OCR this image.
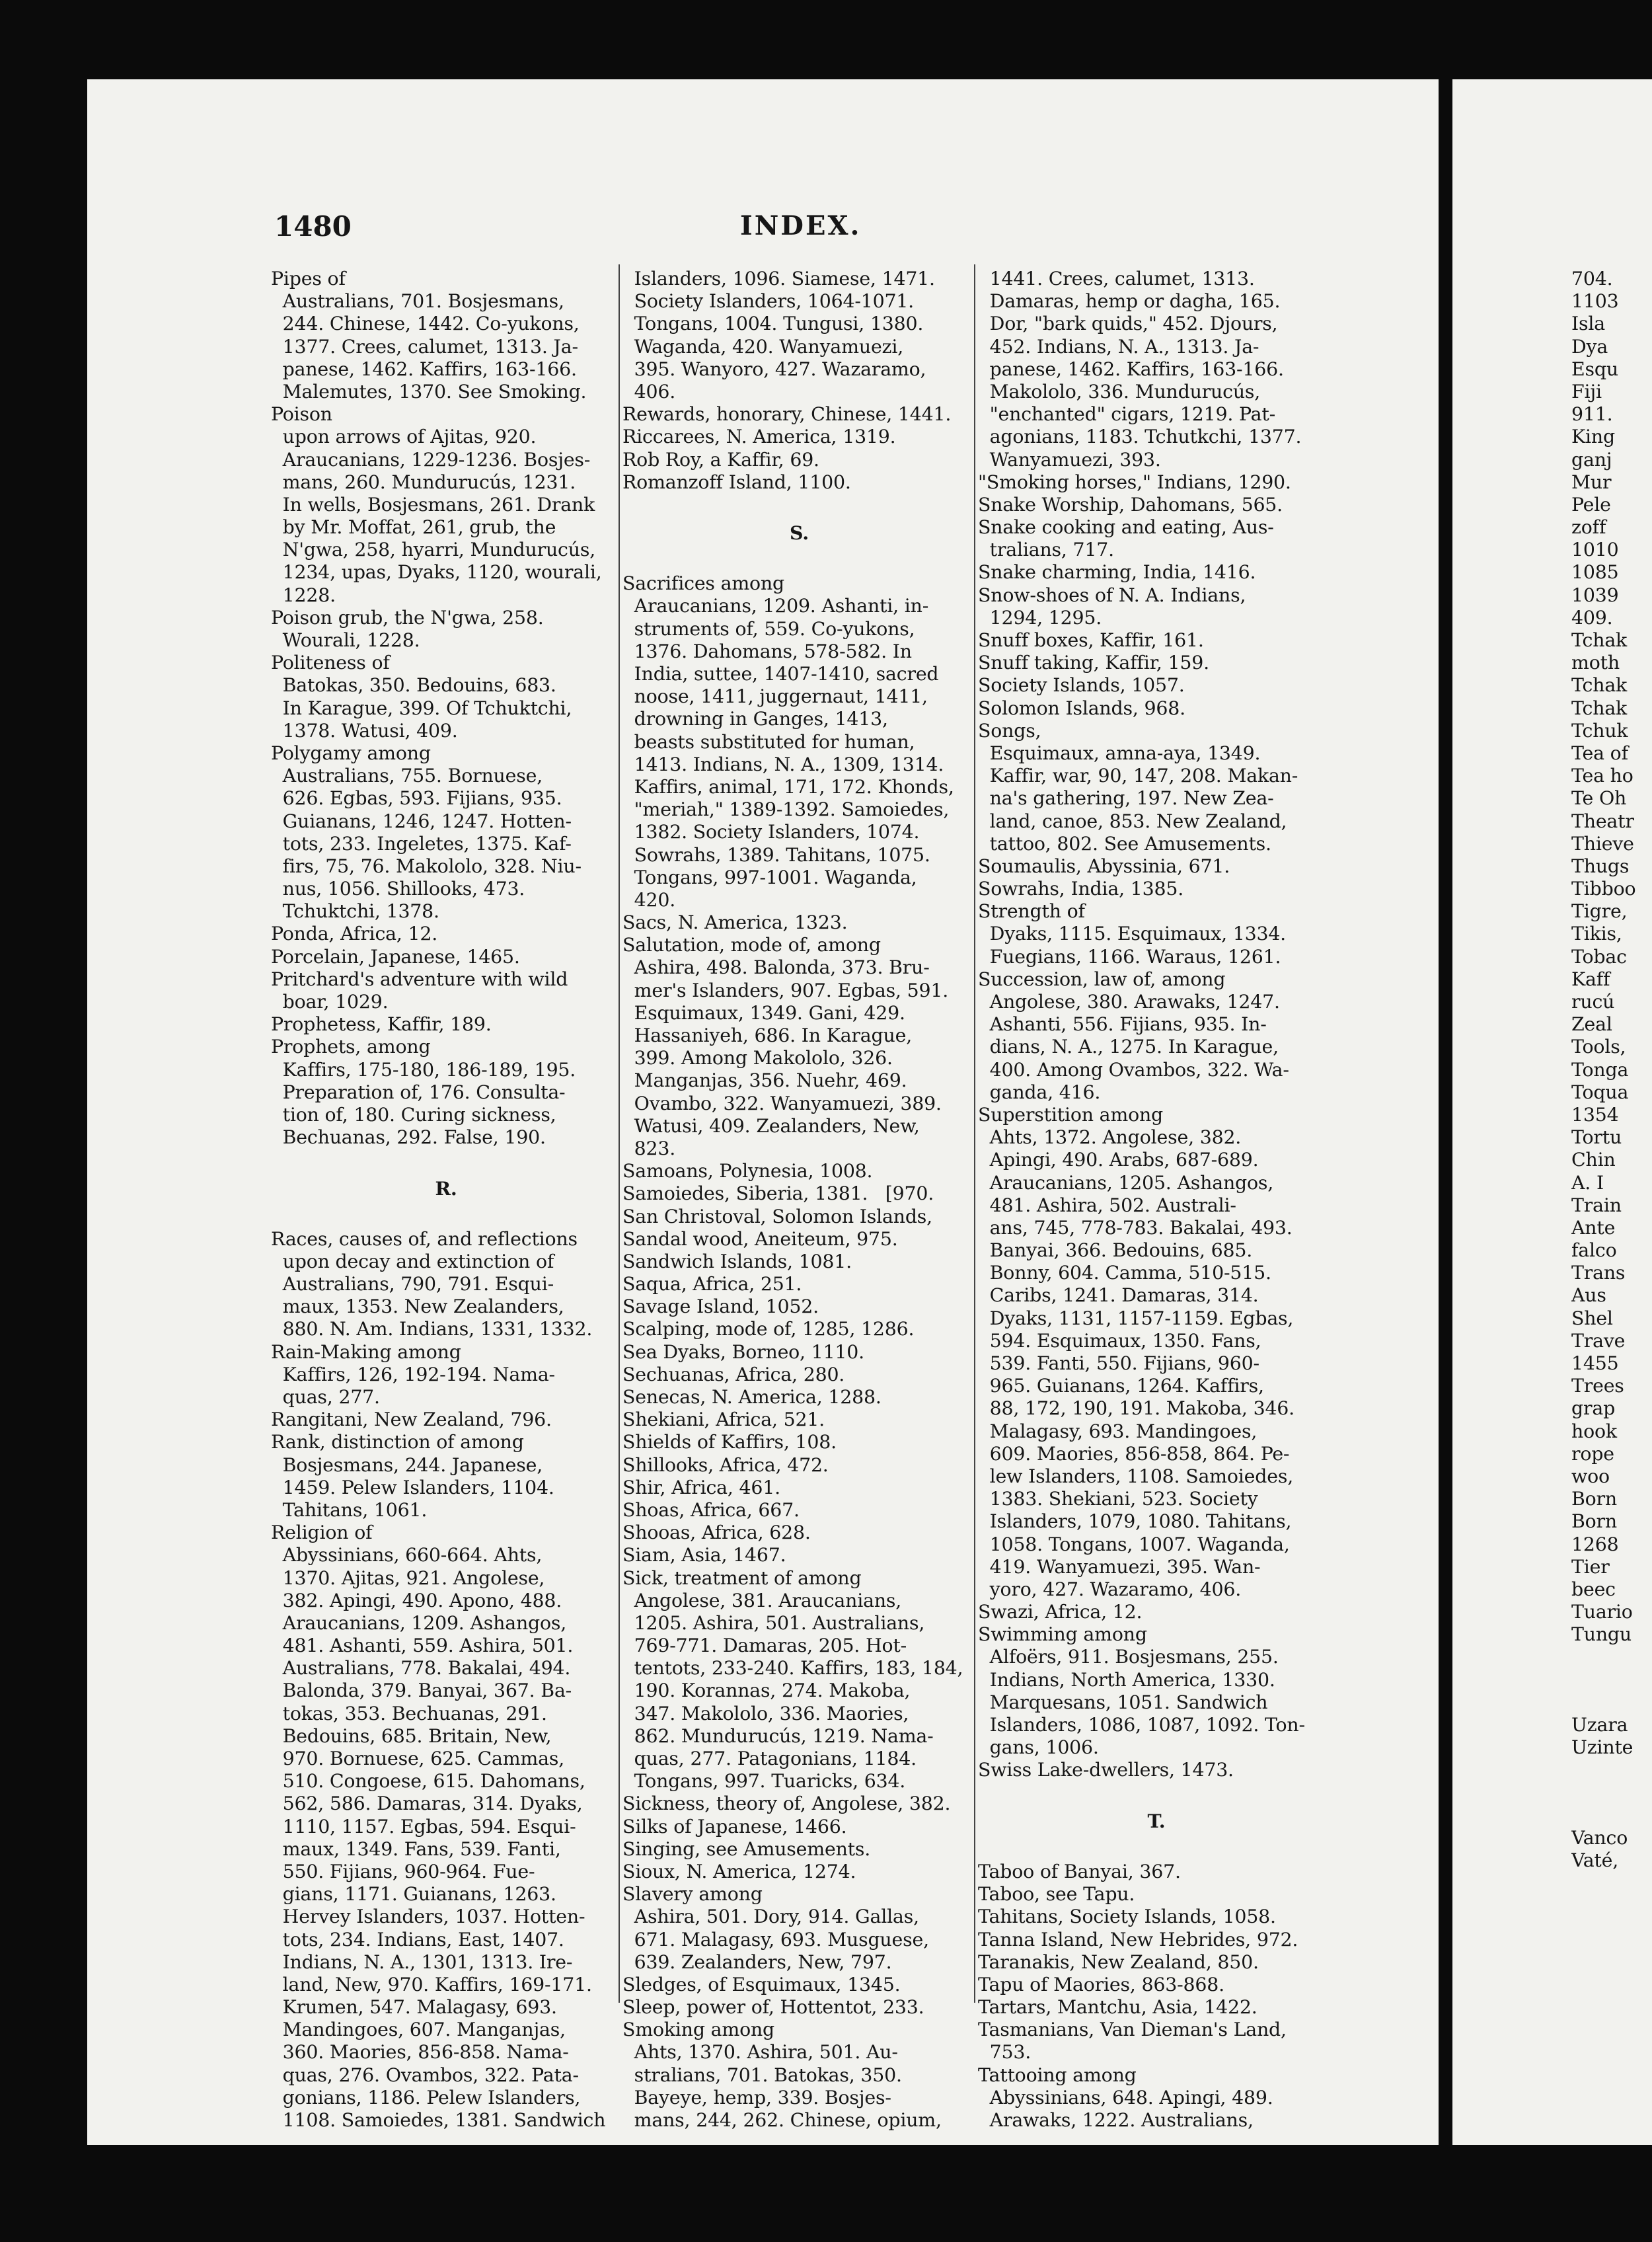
1480	INDEX.
Pipes of
Australians, 701. Bosjesmans,
244. Chinese, 1442. Co-yukons,
1377. Crees, calumet, 1313. Ja-
panese, 1462. Kaffirs, 163-166.
Malemutes, 1370. See Smoking.
Poison
upon arrows of Ajitas, 920.
Araucanians, 1229-1236. Bosjes-
mans, 260. Mundurucús, 1231.
In wells, Bosjesmans, 261. Drank
by Mr. Moffat, 261, grub, the
N'gwa, 258, hyarri, Mundurucús,
1234, upas, Dyaks, 1120, wourali,
1228.
Poison grub, the N'gwa, 258.
Wourali, 1228.
Politeness of
Batokas, 350. Bedouins, 683.
In Karague, 399. Of Tchuktchi,
1378. Watusi, 409.
Polygamy among
Australians, 755. Bornuese,
626. Egbas, 593. Fijians, 935.
Guianans, 1246, 1247. Hotten-
tots, 233. Ingeletes, 1375. Kaf-
firs, 75, 76. Makololo, 328. Niu-
nus, 1056. Shillooks, 473.
Tchuktchi, 1378.
Ponda, Africa, 12.
Porcelain, Japanese, 1465.
Pritchard's adventure with wild
boar, 1029.
Prophetess, Kaffir, 189.
Prophets, among
Kaffirs, 175-180, 186-189, 195.
Preparation of, 176. Consulta-
tion of, 180. Curing sickness,
Bechuanas, 292. False, 190.
R.
Races, causes of, and reflections
upon decay and extinction of
Australians, 790, 791. Esqui-
maux, 1353. New Zealanders,
880. N. Am. Indians, 1331, 1332.
Rain-Making among
Kaffirs, 126, 192-194. Nama-
quas, 277.
Rangitani, New Zealand, 796.
Rank, distinction of among
Bosjesmans, 244. Japanese,
1459. Pelew Islanders, 1104.
Tahitans, 1061.
Religion of
Abyssinians, 660-664. Ahts,
1370. Ajitas, 921. Angolese,
382. Apingi, 490. Apono, 488.
Araucanians, 1209. Ashangos,
481. Ashanti, 559. Ashira, 501.
Australians, 778. Bakalai, 494.
Balonda, 379. Banyai, 367. Ba-
tokas, 353. Bechuanas, 291.
Bedouins, 685. Britain, New,
970. Bornuese, 625. Cammas,
510. Congoese, 615. Dahomans,
562, 586. Damaras, 314. Dyaks,
1110, 1157. Egbas, 594. Esqui-
maux, 1349. Fans, 539. Fanti,
550. Fijians, 960-964. Fue-
gians, 1171. Guianans, 1263.
Hervey Islanders, 1037. Hotten-
tots, 234. Indians, East, 1407.
Indians, N. A., 1301, 1313. Ire-
land, New, 970. Kaffirs, 169-171.
Krumen, 547. Malagasy, 693.
Mandingoes, 607. Manganjas,
360. Maories, 856-858. Nama-
quas, 276. Ovambos, 322. Pata-
gonians, 1186. Pelew Islanders,
1108. Samoiedes, 1381. Sandwich
Islanders, 1096. Siamese, 1471.
Society Islanders, 1064-1071.
Tongans, 1004. Tungusi, 1380.
Waganda, 420. Wanyamuezi,
395. Wanyoro, 427. Wazaramo,
406.
Rewards, honorary, Chinese, 1441.
Riccarees, N. America, 1319.
Rob Roy, a Kaffir, 69.
Romanzoff Island, 1100.
S.
Sacrifices among
Araucanians, 1209. Ashanti, in-
struments of, 559. Co-yukons,
1376. Dahomans, 578-582. In
India, suttee, 1407-1410, sacred
noose, 1411, juggernaut, 1411,
drowning in Ganges, 1413,
beasts substituted for human,
1413. Indians, N. A., 1309, 1314.
Kaffirs, animal, 171, 172. Khonds,
"meriah," 1389-1392. Samoiedes,
1382. Society Islanders, 1074.
Sowrahs, 1389. Tahitans, 1075.
Tongans, 997-1001. Waganda,
420.
Sacs, N. America, 1323.
Salutation, mode of, among
Ashira, 498. Balonda, 373. Bru-
mer's Islanders, 907. Egbas, 591.
Esquimaux, 1349. Gani, 429.
Hassaniyeh, 686. In Karague,
399. Among Makololo, 326.
Manganjas, 356. Nuehr, 469.
Ovambo, 322. Wanyamuezi, 389.
Watusi, 409. Zealanders, New,
823.
Samoans, Polynesia, 1008.
Samoiedes, Siberia, 1381.   [970.
San Christoval, Solomon Islands,
Sandal wood, Aneiteum, 975.
Sandwich Islands, 1081.
Saqua, Africa, 251.
Savage Island, 1052.
Scalping, mode of, 1285, 1286.
Sea Dyaks, Borneo, 1110.
Sechuanas, Africa, 280.
Senecas, N. America, 1288.
Shekiani, Africa, 521.
Shields of Kaffirs, 108.
Shillooks, Africa, 472.
Shir, Africa, 461.
Shoas, Africa, 667.
Shooas, Africa, 628.
Siam, Asia, 1467.
Sick, treatment of among
Angolese, 381. Araucanians,
1205. Ashira, 501. Australians,
769-771. Damaras, 205. Hot-
tentots, 233-240. Kaffirs, 183, 184,
190. Korannas, 274. Makoba,
347. Makololo, 336. Maories,
862. Mundurucús, 1219. Nama-
quas, 277. Patagonians, 1184.
Tongans, 997. Tuaricks, 634.
Sickness, theory of, Angolese, 382.
Silks of Japanese, 1466.
Singing, see Amusements.
Sioux, N. America, 1274.
Slavery among
Ashira, 501. Dory, 914. Gallas,
671. Malagasy, 693. Musguese,
639. Zealanders, New, 797.
Sledges, of Esquimaux, 1345.
Sleep, power of, Hottentot, 233.
Smoking among
Ahts, 1370. Ashira, 501. Au-
stralians, 701. Batokas, 350.
Bayeye, hemp, 339. Bosjes-
mans, 244, 262. Chinese, opium,
1441. Crees, calumet, 1313.
Damaras, hemp or dagha, 165.
Dor, "bark quids," 452. Djours,
452. Indians, N. A., 1313. Ja-
panese, 1462. Kaffirs, 163-166.
Makololo, 336. Mundurucús,
"enchanted" cigars, 1219. Pat-
agonians, 1183. Tchutkchi, 1377.
Wanyamuezi, 393.
"Smoking horses," Indians, 1290.
Snake Worship, Dahomans, 565.
Snake cooking and eating, Aus-
tralians, 717.
Snake charming, India, 1416.
Snow-shoes of N. A. Indians,
1294, 1295.
Snuff boxes, Kaffir, 161.
Snuff taking, Kaffir, 159.
Society Islands, 1057.
Solomon Islands, 968.
Songs,
Esquimaux, amna-aya, 1349.
Kaffir, war, 90, 147, 208. Makan-
na's gathering, 197. New Zea-
land, canoe, 853. New Zealand,
tattoo, 802. See Amusements.
Soumaulis, Abyssinia, 671.
Sowrahs, India, 1385.
Strength of
Dyaks, 1115. Esquimaux, 1334.
Fuegians, 1166. Waraus, 1261.
Succession, law of, among
Angolese, 380. Arawaks, 1247.
Ashanti, 556. Fijians, 935. In-
dians, N. A., 1275. In Karague,
400. Among Ovambos, 322. Wa-
ganda, 416.
Superstition among
Ahts, 1372. Angolese, 382.
Apingi, 490. Arabs, 687-689.
Araucanians, 1205. Ashangos,
481. Ashira, 502. Australi-
ans, 745, 778-783. Bakalai, 493.
Banyai, 366. Bedouins, 685.
Bonny, 604. Camma, 510-515.
Caribs, 1241. Damaras, 314.
Dyaks, 1131, 1157-1159. Egbas,
594. Esquimaux, 1350. Fans,
539. Fanti, 550. Fijians, 960-
965. Guianans, 1264. Kaffirs,
88, 172, 190, 191. Makoba, 346.
Malagasy, 693. Mandingoes,
609. Maories, 856-858, 864. Pe-
lew Islanders, 1108. Samoiedes,
1383. Shekiani, 523. Society
Islanders, 1079, 1080. Tahitans,
1058. Tongans, 1007. Waganda,
419. Wanyamuezi, 395. Wan-
yoro, 427. Wazaramo, 406.
Swazi, Africa, 12.
Swimming among
Alfoërs, 911. Bosjesmans, 255.
Indians, North America, 1330.
Marquesans, 1051. Sandwich
Islanders, 1086, 1087, 1092. Ton-
gans, 1006.
Swiss Lake-dwellers, 1473.
T.
Taboo of Banyai, 367.
Taboo, see Tapu.
Tahitans, Society Islands, 1058.
Tanna Island, New Hebrides, 972.
Taranakis, New Zealand, 850.
Tapu of Maories, 863-868.
Tartars, Mantchu, Asia, 1422.
Tasmanians, Van Dieman's Land,
753.
Tattooing among
Abyssinians, 648. Apingi, 489.
Arawaks, 1222. Australians,
704.
1103
Isla
Dya
Esqu
Fiji
911.
King
ganj
Mur
Pele
zoff
1010
1085
1039
409.
Tchak
moth
Tchak
Tchak
Tchuk
Tea of
Tea ho
Te Oh
Theatr
Thieve
Thugs
Tibboo
Tigre,
Tikis,
Tobac
Kaff
rucú
Zeal
Tools,
Tonga
Toqua
1354
Tortu
Chin
A. I
Train
Ante
falco
Trans
Aus
Shel
Trave
1455
Trees
grap
hook
rope
woo
Born
Born
1268
Tier
beec
Tuario
Tungu
Uzara
Uzinte
Vanco
Vaté,
